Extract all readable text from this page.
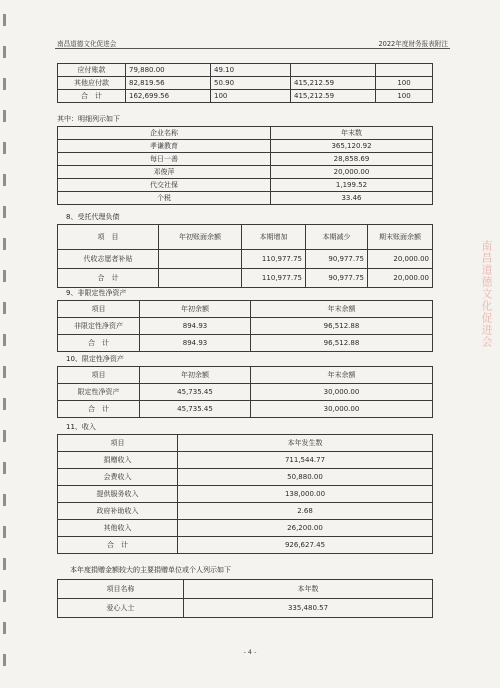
南昌道德文化促进会	2022年度财务报表附注
应付账款	79,880.00	49.10		
其他应付款	82,819.56	50.90	415,212.59	100
合　计	162,699.56	100	415,212.59	100
其中：明细列示如下
企业名称	年末数
孝谦教育	365,120.92
每日一善	28,858.69
邓俊萍	20,000.00
代交社保	1,199.52
个税	33.46
8、受托代理负债
项　目	年初账面余额	本期增加	本期减少	期末账面余额
代收志愿者补贴		110,977.75	90,977.75	20,000.00
合　计		110,977.75	90,977.75	20,000.00
9、非限定性净资产
项目	年初余额	年末余额
非限定性净资产	894.93	96,512.88
合　计	894.93	96,512.88
10、限定性净资产
项目	年初余额	年末余额
限定性净资产	45,735.45	30,000.00
合　计	45,735.45	30,000.00
11、收入
项目	本年发生数
捐赠收入	711,544.77
会费收入	50,880.00
提供服务收入	138,000.00
政府补助收入	2.68
其他收入	26,200.00
合　计	926,627.45
本年度捐赠金额较大的主要捐赠单位或个人列示如下
项目名称	本年数
爱心人士	335,480.57
- 4 -
南昌道德文化促进会
